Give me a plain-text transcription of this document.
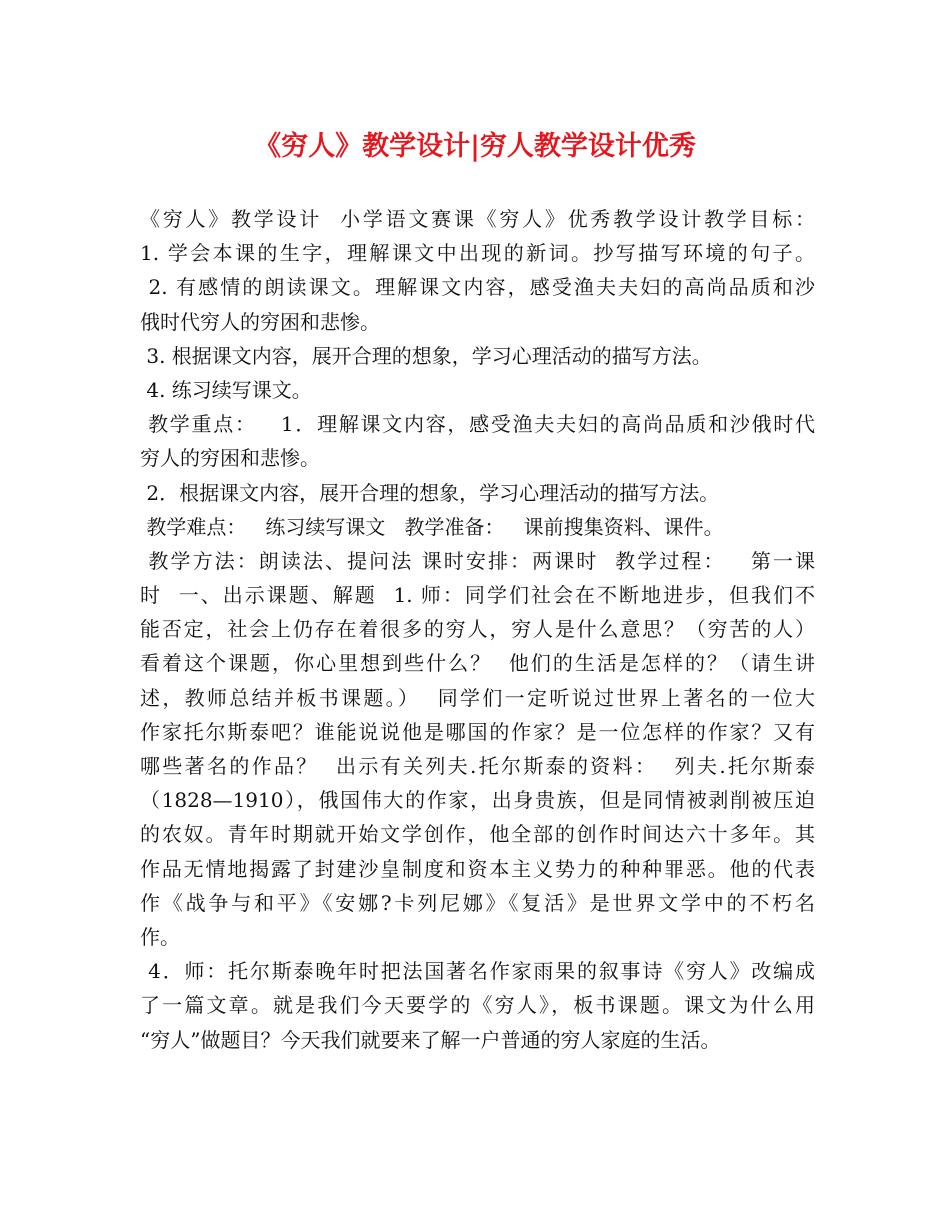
《穷人》教学设计|穷人教学设计优秀
《穷人》教学设计  小学语文赛课《穷人》优秀教学设计教学目标：
1. 学会本课的生字，理解课文中出现的新词。抄写描写环境的句子。
2. 有感情的朗读课文。理解课文内容，感受渔夫夫妇的高尚品质和沙
俄时代穷人的穷困和悲惨。
3. 根据课文内容，展开合理的想象，学习心理活动的描写方法。
4. 练习续写课文。
教学重点：   1．理解课文内容，感受渔夫夫妇的高尚品质和沙俄时代
穷人的穷困和悲惨。
2．根据课文内容，展开合理的想象，学习心理活动的描写方法。
教学难点：   练习续写课文   教学准备：   课前搜集资料、课件。
教学方法：朗读法、提问法 课时安排：两课时  教学过程：   第一课
时  一、出示课题、解题  1. 师：同学们社会在不断地进步，但我们不
能否定，社会上仍存在着很多的穷人，穷人是什么意思？（穷苦的人）
看着这个课题，你心里想到些什么？  他们的生活是怎样的？（请生讲
述，教师总结并板书课题。）  同学们一定听说过世界上著名的一位大
作家托尔斯泰吧？谁能说说他是哪国的作家？是一位怎样的作家？又有
哪些著名的作品？  出示有关列夫.托尔斯泰的资料：  列夫.托尔斯泰
（1828—1910），俄国伟大的作家，出身贵族，但是同情被剥削被压迫
的农奴。青年时期就开始文学创作，他全部的创作时间达六十多年。其
作品无情地揭露了封建沙皇制度和资本主义势力的种种罪恶。他的代表
作《战争与和平》《安娜?卡列尼娜》《复活》是世界文学中的不朽名
作。
4．师：托尔斯泰晚年时把法国著名作家雨果的叙事诗《穷人》改编成
了一篇文章。就是我们今天要学的《穷人》，板书课题。课文为什么用
“穷人”做题目？今天我们就要来了解一户普通的穷人家庭的生活。
